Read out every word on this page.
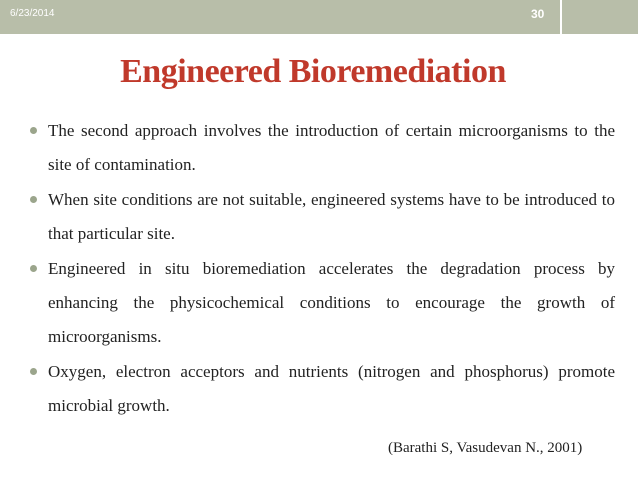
6/23/2014	30
Engineered Bioremediation
The second approach involves the introduction of certain microorganisms to the site of contamination.
When site conditions are not suitable, engineered systems have to be introduced to that particular site.
Engineered in situ bioremediation accelerates the degradation process by enhancing the physicochemical conditions to encourage the growth of microorganisms.
Oxygen, electron acceptors and nutrients (nitrogen and phosphorus) promote microbial growth.
(Barathi S, Vasudevan N., 2001)
